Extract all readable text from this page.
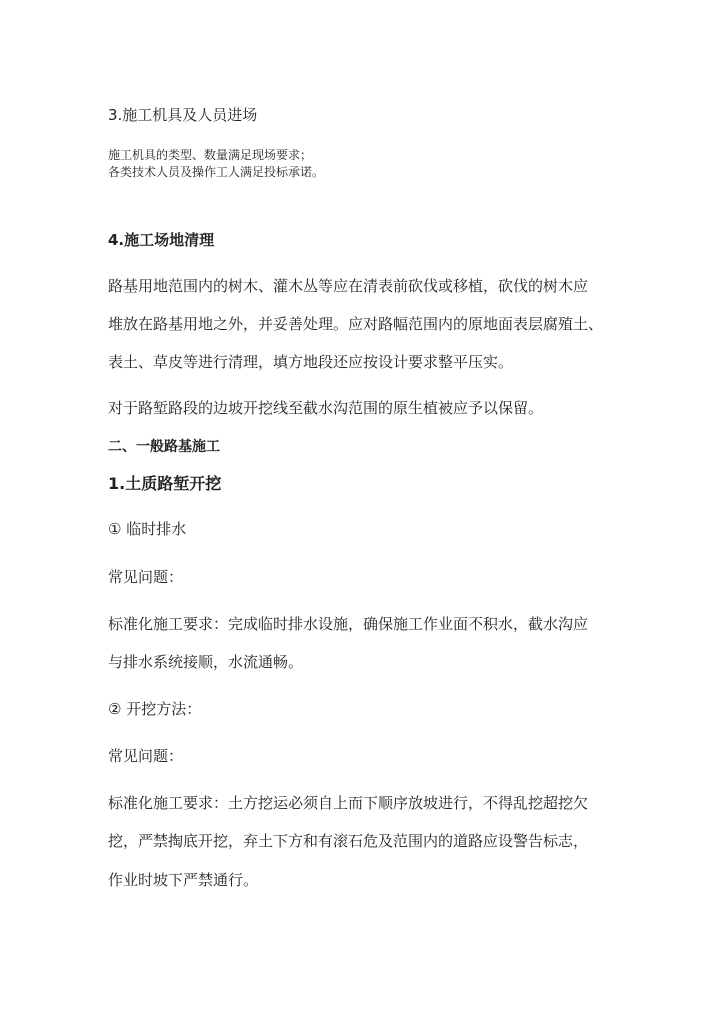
3.施工机具及人员进场
施工机具的类型、数量满足现场要求；
各类技术人员及操作工人满足投标承诺。
4.施工场地清理
路基用地范围内的树木、灌木丛等应在清表前砍伐或移植，砍伐的树木应
堆放在路基用地之外，并妥善处理。应对路幅范围内的原地面表层腐殖土、
表土、草皮等进行清理，填方地段还应按设计要求整平压实。
对于路堑路段的边坡开挖线至截水沟范围的原生植被应予以保留。
二、一般路基施工
1.土质路堑开挖
① 临时排水
常见问题：
标准化施工要求：完成临时排水设施，确保施工作业面不积水，截水沟应
与排水系统接顺，水流通畅。
② 开挖方法：
常见问题：
标准化施工要求：土方挖运必须自上而下顺序放坡进行，不得乱挖超挖欠
挖，严禁掏底开挖，弃土下方和有滚石危及范围内的道路应设警告标志，
作业时坡下严禁通行。
